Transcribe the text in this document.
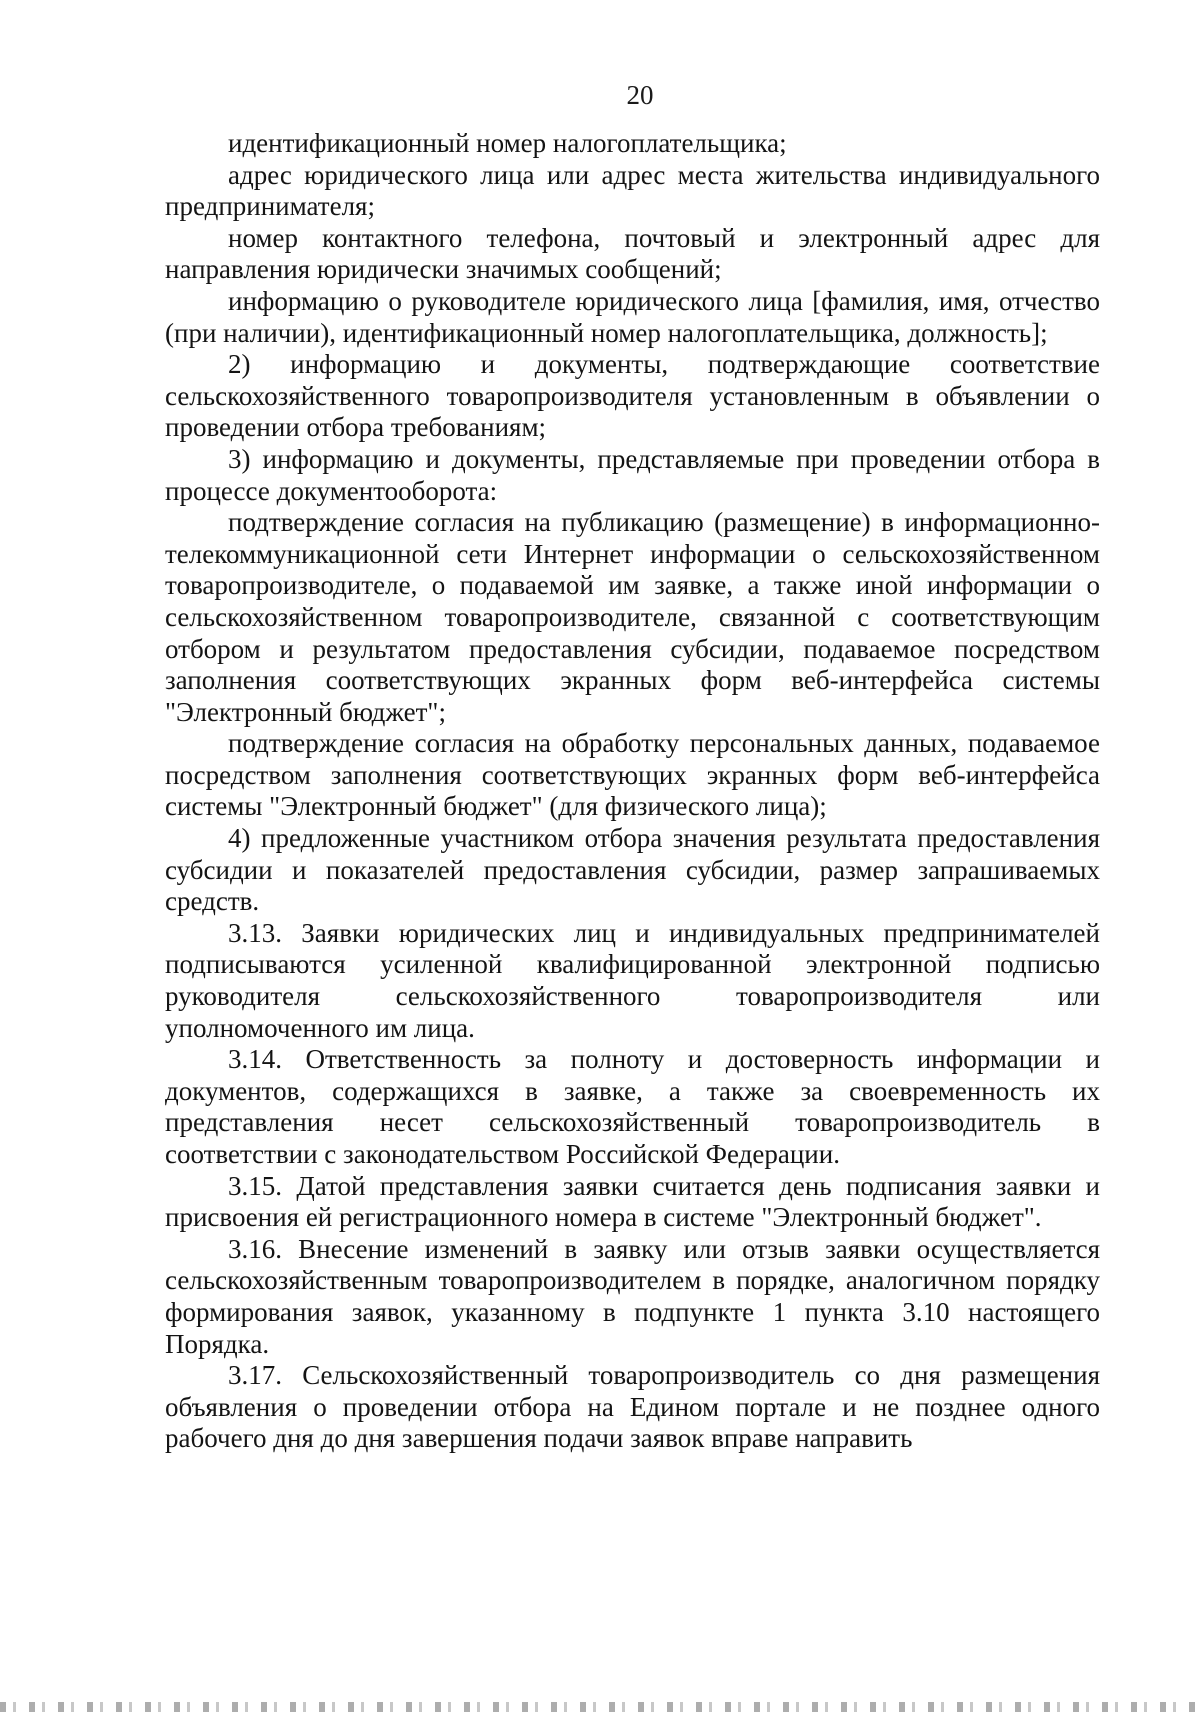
20

идентификационный номер налогоплательщика;

адрес юридического лица или адрес места жительства индивидуального предпринимателя;

номер контактного телефона, почтовый и электронный адрес для направления юридически значимых сообщений;

информацию о руководителе юридического лица [фамилия, имя, отчество (при наличии), идентификационный номер налогоплательщика, должность];

2) информацию и документы, подтверждающие соответствие сельскохозяйственного товаропроизводителя установленным в объявлении о проведении отбора требованиям;

3) информацию и документы, представляемые при проведении отбора в процессе документооборота:

подтверждение согласия на публикацию (размещение) в информационно-телекоммуникационной сети Интернет информации о сельскохозяйственном товаропроизводителе, о подаваемой им заявке, а также иной информации о сельскохозяйственном товаропроизводителе, связанной с соответствующим отбором и результатом предоставления субсидии, подаваемое посредством заполнения соответствующих экранных форм веб-интерфейса системы "Электронный бюджет";

подтверждение согласия на обработку персональных данных, подаваемое посредством заполнения соответствующих экранных форм веб-интерфейса системы "Электронный бюджет" (для физического лица);

4) предложенные участником отбора значения результата предоставления субсидии и показателей предоставления субсидии, размер запрашиваемых средств.

3.13. Заявки юридических лиц и индивидуальных предпринимателей подписываются усиленной квалифицированной электронной подписью руководителя сельскохозяйственного товаропроизводителя или уполномоченного им лица.

3.14. Ответственность за полноту и достоверность информации и документов, содержащихся в заявке, а также за своевременность их представления несет сельскохозяйственный товаропроизводитель в соответствии с законодательством Российской Федерации.

3.15. Датой представления заявки считается день подписания заявки и присвоения ей регистрационного номера в системе "Электронный бюджет".

3.16. Внесение изменений в заявку или отзыв заявки осуществляется сельскохозяйственным товаропроизводителем в порядке, аналогичном порядку формирования заявок, указанному в подпункте 1 пункта 3.10 настоящего Порядка.

3.17. Сельскохозяйственный товаропроизводитель со дня размещения объявления о проведении отбора на Едином портале и не позднее одного рабочего дня до дня завершения подачи заявок вправе направить
